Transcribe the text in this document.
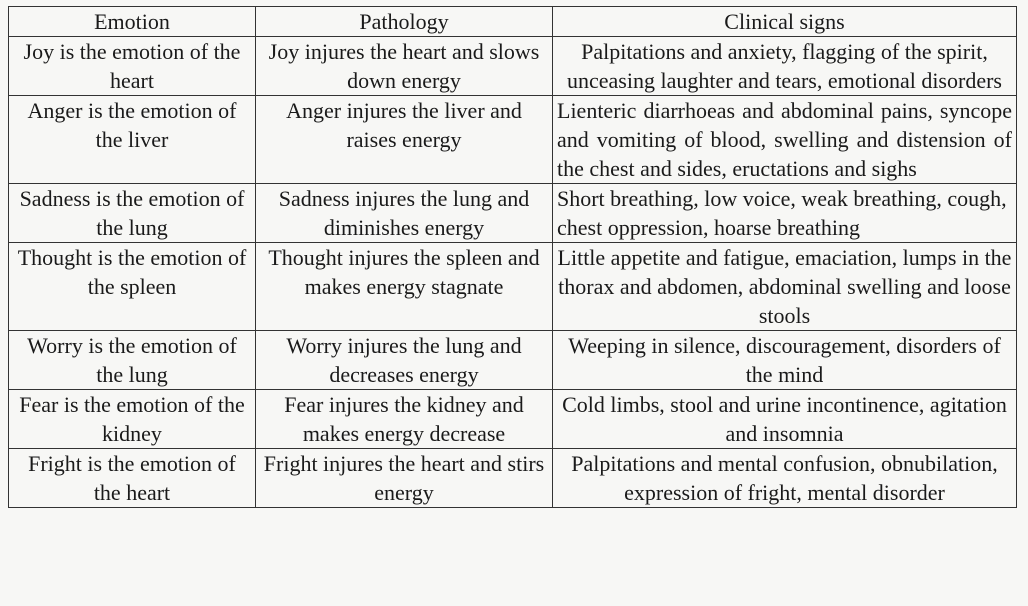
Emotion	Pathology	Clinical signs
Joy is the emotion of the heart	Joy injures the heart and slows down energy	Palpitations and anxiety, flagging of the spirit, unceasing laughter and tears, emotional disorders
Anger is the emotion of the liver	Anger injures the liver and raises energy	Lienteric diarrhoeas and abdominal pains, syncope and vomiting of blood, swelling and distension of the chest and sides, eructations and sighs
Sadness is the emotion of the lung	Sadness injures the lung and diminishes energy	Short breathing, low voice, weak breathing, cough, chest oppression, hoarse breathing
Thought is the emotion of the spleen	Thought injures the spleen and makes energy stagnate	Little appetite and fatigue, emaciation, lumps in the thorax and abdomen, abdominal swelling and loose stools
Worry is the emotion of the lung	Worry injures the lung and decreases energy	Weeping in silence, discouragement, disorders of the mind
Fear is the emotion of the kidney	Fear injures the kidney and makes energy decrease	Cold limbs, stool and urine incontinence, agitation and insomnia
Fright is the emotion of the heart	Fright injures the heart and stirs energy	Palpitations and mental confusion, obnubilation, expression of fright, mental disorder
